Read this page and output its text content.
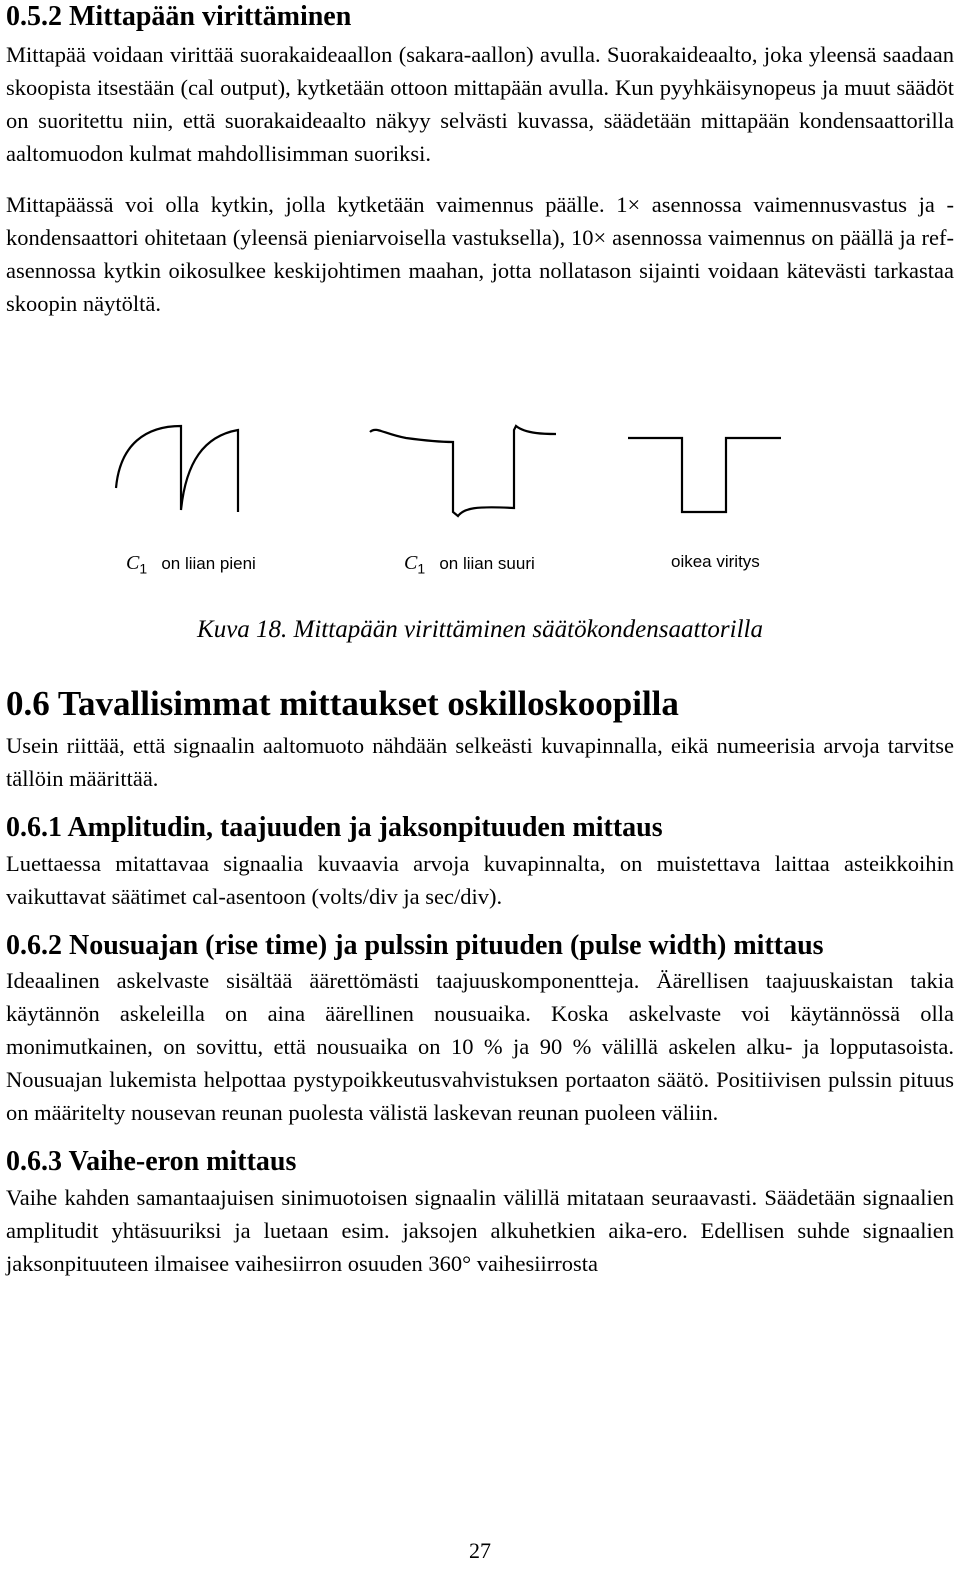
0.5.2 Mittapään virittäminen

Mittapää voidaan virittää suorakaideaallon (sakara-aallon) avulla. Suorakaideaalto, joka yleensä saadaan skoopista itsestään (cal output), kytketään ottoon mittapään avulla. Kun pyyhkäisynopeus ja muut säädöt on suoritettu niin, että suorakaideaalto näkyy selvästi kuvassa, säädetään mittapään kondensaattorilla aaltomuodon kulmat mahdollisimman suoriksi.

Mittapäässä voi olla kytkin, jolla kytketään vaimennus päälle. 1× asennossa vaimennusvastus ja -kondensaattori ohitetaan (yleensä pieniarvoisella vastuksella), 10× asennossa vaimennus on päällä ja ref-asennossa kytkin oikosulkee keskijohtimen maahan, jotta nollatason sijainti voidaan kätevästi tarkastaa skoopin näytöltä.

$C_1$ on liian pieni	$C_1$ on liian suuri	oikea viritys
Kuva 18. Mittapään virittäminen säätökondensaattorilla
0.6 Tavallisimmat mittaukset oskilloskoopilla

Usein riittää, että signaalin aaltomuoto nähdään selkeästi kuvapinnalla, eikä numeerisia arvoja tarvitse tällöin määrittää.

0.6.1 Amplitudin, taajuuden ja jaksonpituuden mittaus

Luettaessa mitattavaa signaalia kuvaavia arvoja kuvapinnalta, on muistettava laittaa asteikkoihin vaikuttavat säätimet cal-asentoon (volts/div ja sec/div).

0.6.2 Nousuajan (rise time) ja pulssin pituuden (pulse width) mittaus

Ideaalinen askelvaste sisältää äärettömästi taajuuskomponentteja. Äärellisen taajuuskaistan takia käytännön askeleilla on aina äärellinen nousuaika. Koska askelvaste voi käytännössä olla monimutkainen, on sovittu, että nousuaika on 10 % ja 90 % välillä askelen alku- ja lopputasoista. Nousuajan lukemista helpottaa pystypoikkeutusvahvistuksen portaaton säätö. Positiivisen pulssin pituus on määritelty nousevan reunan puolesta välistä laskevan reunan puoleen väliin.

0.6.3 Vaihe-eron mittaus

Vaihe kahden samantaajuisen sinimuotoisen signaalin välillä mitataan seuraavasti. Säädetään signaalien amplitudit yhtäsuuriksi ja luetaan esim. jaksojen alkuhetkien aika-ero. Edellisen suhde signaalien jaksonpituuteen ilmaisee vaihesiirron osuuden 360° vaihesiirrosta

27
